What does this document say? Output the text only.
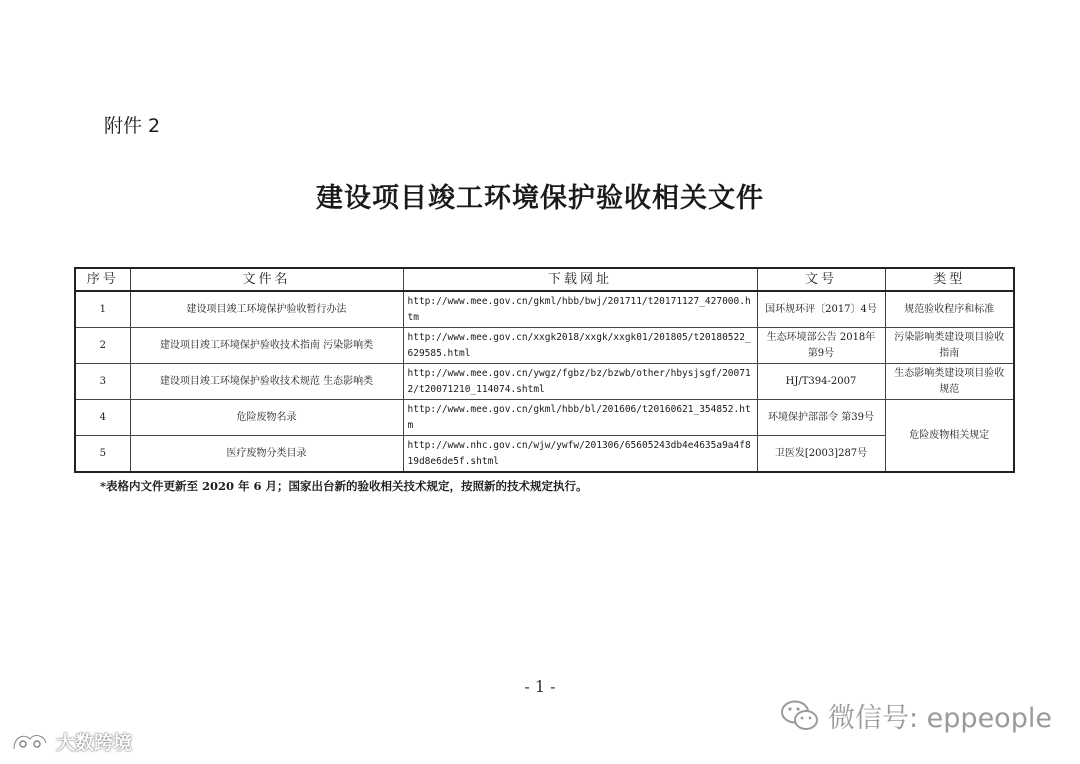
附件 2
建设项目竣工环境保护验收相关文件
序号	文件名	下载网址	文号	类型
1	建设项目竣工环境保护验收暂行办法	http://www.mee.gov.cn/gkml/hbb/bwj/201711/t20171127_427000.htm	国环规环评〔2017〕4号	规范验收程序和标准
2	建设项目竣工环境保护验收技术指南 污染影响类	http://www.mee.gov.cn/xxgk2018/xxgk/xxgk01/201805/t20180522_629585.html	生态环境部公告 2018年 第9号	污染影响类建设项目验收指南
3	建设项目竣工环境保护验收技术规范 生态影响类	http://www.mee.gov.cn/ywgz/fgbz/bz/bzwb/other/hbysjsgf/200712/t20071210_114074.shtml	HJ/T394-2007	生态影响类建设项目验收规范
4	危险废物名录	http://www.mee.gov.cn/gkml/hbb/bl/201606/t20160621_354852.htm	环境保护部部令 第39号	危险废物相关规定
5	医疗废物分类目录	http://www.nhc.gov.cn/wjw/ywfw/201306/65605243db4e4635a9a4f819d8e6de5f.shtml	卫医发[2003]287号	
*表格内文件更新至 2020 年 6 月；国家出台新的验收相关技术规定，按照新的技术规定执行。
- 1 -
微信号: eppeople
大数跨境
